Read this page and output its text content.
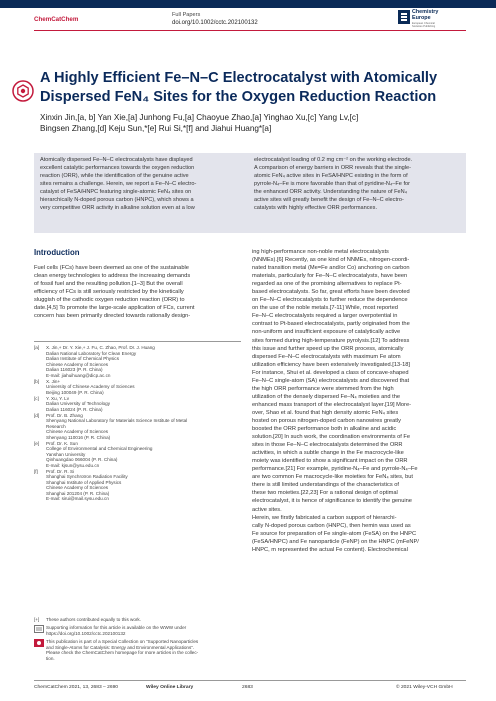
ChemCatChem
Full Papers
doi.org/10.1002/cctc.202100132
Chemistry
Europe
European Chemical
Societies Publishing
A Highly Efficient Fe–N–C Electrocatalyst with Atomically
Dispersed FeN₄ Sites for the Oxygen Reduction Reaction
Xinxin Jin,[a, b] Yan Xie,[a] Junhong Fu,[a] Chaoyue Zhao,[a] Yinghao Xu,[c] Yang Lv,[c]
Bingsen Zhang,[d] Keju Sun,*[e] Rui Si,*[f] and Jiahui Huang*[a]
Atomically dispersed Fe–N–C electrocatalysts have displayed
excellent catalytic performances towards the oxygen reduction
reaction (ORR), while the identification of the genuine active
sites remains a challenge. Herein, we report a Fe–N–C electro-
catalyst of FeSA/HNPC featuring single-atomic FeN₄ sites on
hierarchically N-doped porous carbon (HNPC), which shows a
very competitive ORR activity in alkaline solution even at a low
electrocatalyst loading of 0.2 mg cm⁻² on the working electrode.
A comparison of energy barriers in ORR reveals that the single-
atomic FeN₄ active sites in FeSA/HNPC existing in the form of
pyrrole-N₄–Fe is more favorable than that of pyridine-N₄–Fe for
the enhanced ORR activity. Understanding the nature of FeN₄
active sites will greatly benefit the design of Fe–N–C electro-
catalysts with highly effective ORR performances.
Introduction
Fuel cells (FCs) have been deemed as one of the sustainable
clean energy technologies to address the increasing demands
of fossil fuel and the resulting pollution.[1–3] But the overall
efficiency of FCs is still seriously restricted by the kinetically
sluggish of the cathodic oxygen reduction reaction (ORR) to
date.[4,5] To promote the large-scale application of FCs, current
concern has been primarily directed towards rationally design-
ing high-performance non-noble metal electrocatalysts
(NNMEs).[6] Recently, as one kind of NNMEs, nitrogen-coordi-
nated transition metal (Me=Fe and/or Co) anchoring on carbon
materials, particularly for Fe–N–C electrocatalysts, have been
regarded as one of the promising alternatives to replace Pt-
based electrocatalysts. So far, great efforts have been devoted
on Fe–N–C electrocatalysts to further reduce the dependence
on the use of the noble metals.[7‑11] While, most reported
Fe–N–C electrocatalysts required a larger overpotential in
contrast to Pt-based electrocatalysts, partly originated from the
non-uniform and insufficient exposure of catalytically active
sites formed during high-temperature pyrolysis.[12] To address
this issue and further speed up the ORR process, atomically
dispersed Fe–N–C electrocatalysts with maximum Fe atom
utilization efficiency have been extensively investigated.[13‑18]
For instance, Shui et al. developed a class of concave-shaped
Fe–N–C single-atom (SA) electrocatalysts and discovered that
the high ORR performance were stemmed from the high
utilization of the densely dispersed Fe–N₄ moieties and the
enhanced mass transport of the electrocatalyst layer.[19] More-
over, Shao et al. found that high density atomic FeN₄ sites
hosted on porous nitrogen-doped carbon nanowires greatly
boosted the ORR performance both in alkaline and acidic
solution.[20] In such work, the coordination environments of Fe
sites in those Fe–N–C electrocatalysts determined the ORR
activities, in which a subtle change in the Fe macrocycle-like
moiety was identified to show a significant impact on the ORR
performance.[21] For example, pyridine-N₄–Fe and pyrrole-N₄–Fe
are two common Fe macrocycle-like moieties for FeN₄ sites, but
there is still limited understandings of the characteristics of
these two moieties.[22,23] For a rational design of optimal
electrocatalyst, it is hence of significance to identify the genuine
active sites.
Herein, we firstly fabricated a carbon support of hierarchi-
cally N-doped porous carbon (HNPC), then hemin was used as
Fe source for preparation of Fe single-atom (FeSA) on the HNPC
(FeSA/HNPC) and Fe nanoparticle (FeNP) on the HNPC (mFeNP/
HNPC, m represented the actual Fe content). Electrochemical
[a]	X. Jin,+ Dr. Y. Xie,+ J. Fu, C. Zhao, Prof. Dr. J. Huang
Dalian National Laboratory for Clean Energy
Dalian Institute of Chemical Physics
Chinese Academy of Sciences
Dalian 116023 (P. R. China)
E-mail: jiahuihuang@dicp.ac.cn
[b]	X. Jin+
University of Chinese Academy of Sciences
Beijing 100049 (P. R. China)
[c]	Y. Xu, Y. Lv
Dalian University of Technology
Dalian 116024 (P. R. China)
[d]	Prof. Dr. B. Zhang
Shenyang National Laboratory for Materials Science Institute of Metal
Research
Chinese Academy of Sciences
Shenyang 110016 (P. R. China)
[e]	Prof. Dr. K. Sun
College of Environmental and Chemical Engineering
Yanshan University
Qinhuangdao 066004 (P. R. China)
E-mail: kjsun@ysu.edu.cn
[f]	Prof. Dr. R. Si
Shanghai Synchrotron Radiation Facility
Shanghai Institute of Applied Physics
Chinese Academy of Sciences
Shanghai 201204 (P. R. China)
E-mail: sirui@mail.sysu.edu.cn
[+]	These authors contributed equally to this work.
Supporting information for this article is available on the WWW under
https://doi.org/10.1002/cctc.202100132
This publication is part of a Special Collection on “Supported Nanoparticles
and Single-Atoms for Catalysis: Energy and Environmental Applications”.
Please check the ChemCatChem homepage for more articles in the collec-
tion.
ChemCatChem 2021, 13, 2683 – 2690	Wiley Online Library	2683	© 2021 Wiley-VCH GmbH
